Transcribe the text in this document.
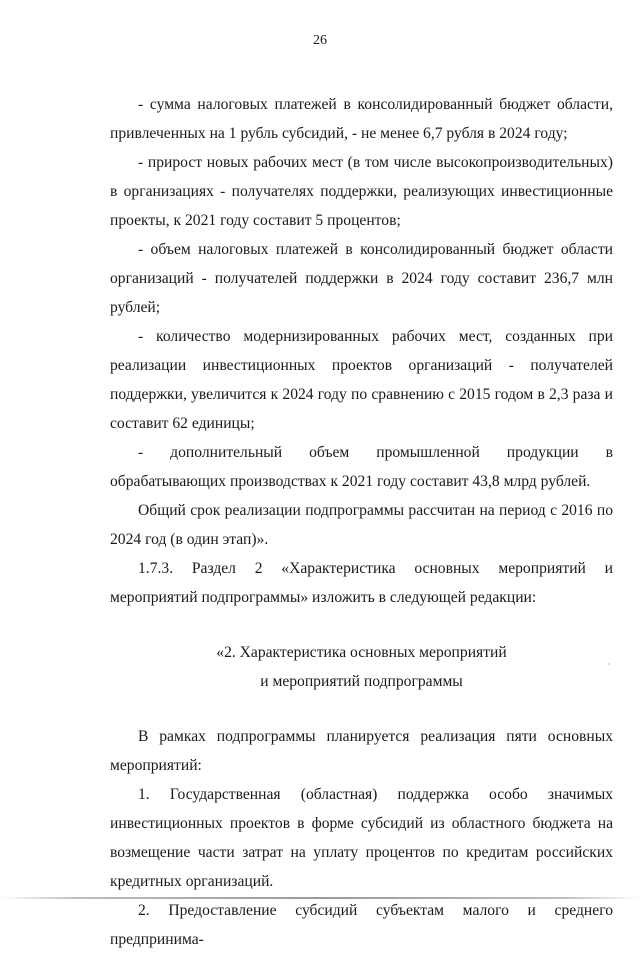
26

- сумма налоговых платежей в консолидированный бюджет области, привлеченных на 1 рубль субсидий, - не менее 6,7 рубля в 2024 году;

- прирост новых рабочих мест (в том числе высокопроизводительных) в организациях - получателях поддержки, реализующих инвестиционные проекты, к 2021 году составит 5 процентов;

- объем налоговых платежей в консолидированный бюджет области организаций - получателей поддержки в 2024 году составит 236,7 млн рублей;

- количество модернизированных рабочих мест, созданных при реализации инвестиционных проектов организаций - получателей поддержки, увеличится к 2024 году по сравнению с 2015 годом в 2,3 раза и составит 62 единицы;

- дополнительный объем промышленной продукции в обрабатывающих производствах к 2021 году составит 43,8 млрд рублей.

Общий срок реализации подпрограммы рассчитан на период с 2016 по 2024 год (в один этап)».

1.7.3. Раздел 2 «Характеристика основных мероприятий и мероприятий подпрограммы» изложить в следующей редакции:

«2. Характеристика основных мероприятий
и мероприятий подпрограммы

В рамках подпрограммы планируется реализация пяти основных мероприятий:

1. Государственная (областная) поддержка особо значимых инвестиционных проектов в форме субсидий из областного бюджета на возмещение части затрат на уплату процентов по кредитам российских кредитных организаций.

2. Предоставление субсидий субъектам малого и среднего предпринима-
